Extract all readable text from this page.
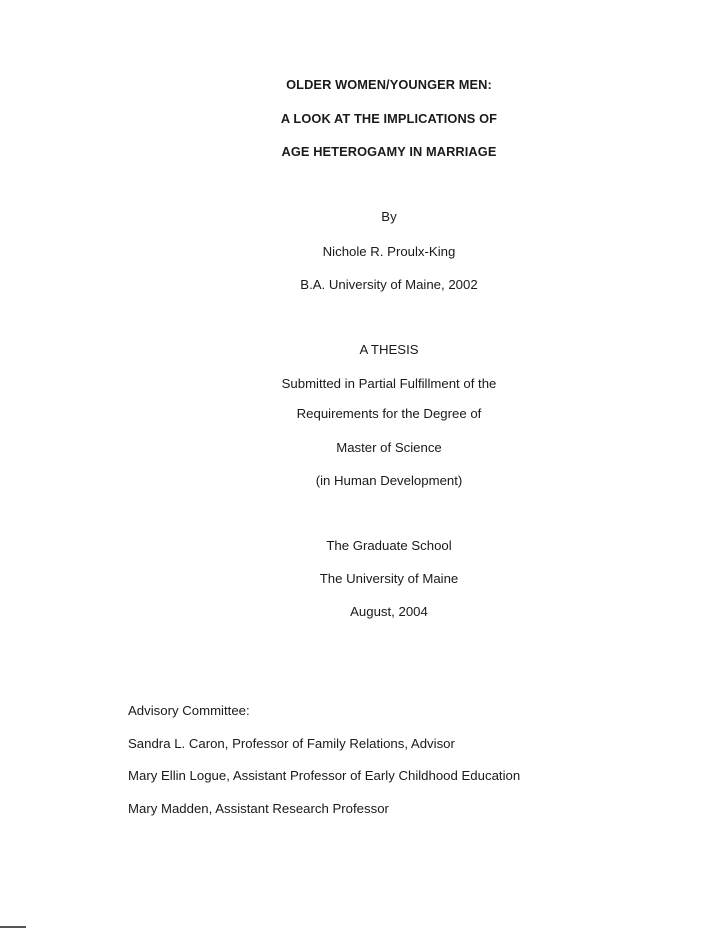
OLDER WOMEN/YOUNGER MEN:
A LOOK AT THE IMPLICATIONS OF
AGE HETEROGAMY IN MARRIAGE
By
Nichole R. Proulx-King
B.A. University of Maine, 2002
A THESIS
Submitted in Partial Fulfillment of the
Requirements for the Degree of
Master of Science
(in Human Development)
The Graduate School
The University of Maine
August, 2004
Advisory Committee:
Sandra L. Caron, Professor of Family Relations, Advisor
Mary Ellin Logue, Assistant Professor of Early Childhood Education
Mary Madden, Assistant Research Professor
